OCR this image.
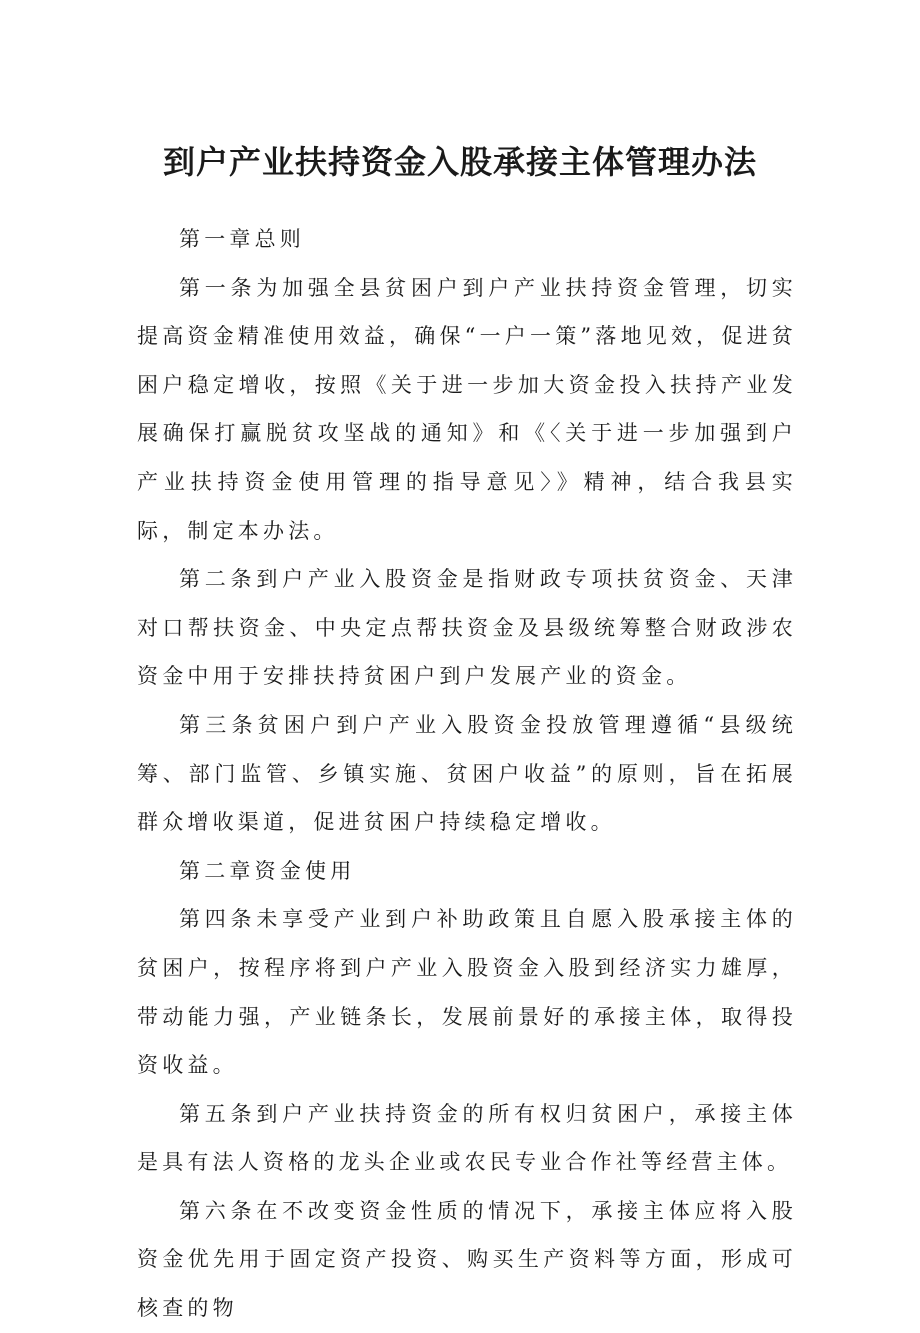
到户产业扶持资金入股承接主体管理办法

第一章总则

第一条为加强全县贫困户到户产业扶持资金管理，切实提高资金精准使用效益，确保“一户一策”落地见效，促进贫困户稳定增收，按照《关于进一步加大资金投入扶持产业发展确保打赢脱贫攻坚战的通知》和《〈关于进一步加强到户产业扶持资金使用管理的指导意见〉》精神，结合我县实际，制定本办法。

第二条到户产业入股资金是指财政专项扶贫资金、天津对口帮扶资金、中央定点帮扶资金及县级统筹整合财政涉农资金中用于安排扶持贫困户到户发展产业的资金。

第三条贫困户到户产业入股资金投放管理遵循“县级统筹、部门监管、乡镇实施、贫困户收益”的原则，旨在拓展群众增收渠道，促进贫困户持续稳定增收。

第二章资金使用

第四条未享受产业到户补助政策且自愿入股承接主体的贫困户，按程序将到户产业入股资金入股到经济实力雄厚，带动能力强，产业链条长，发展前景好的承接主体，取得投资收益。

第五条到户产业扶持资金的所有权归贫困户，承接主体是具有法人资格的龙头企业或农民专业合作社等经营主体。

第六条在不改变资金性质的情况下，承接主体应将入股资金优先用于固定资产投资、购买生产资料等方面，形成可核查的物
